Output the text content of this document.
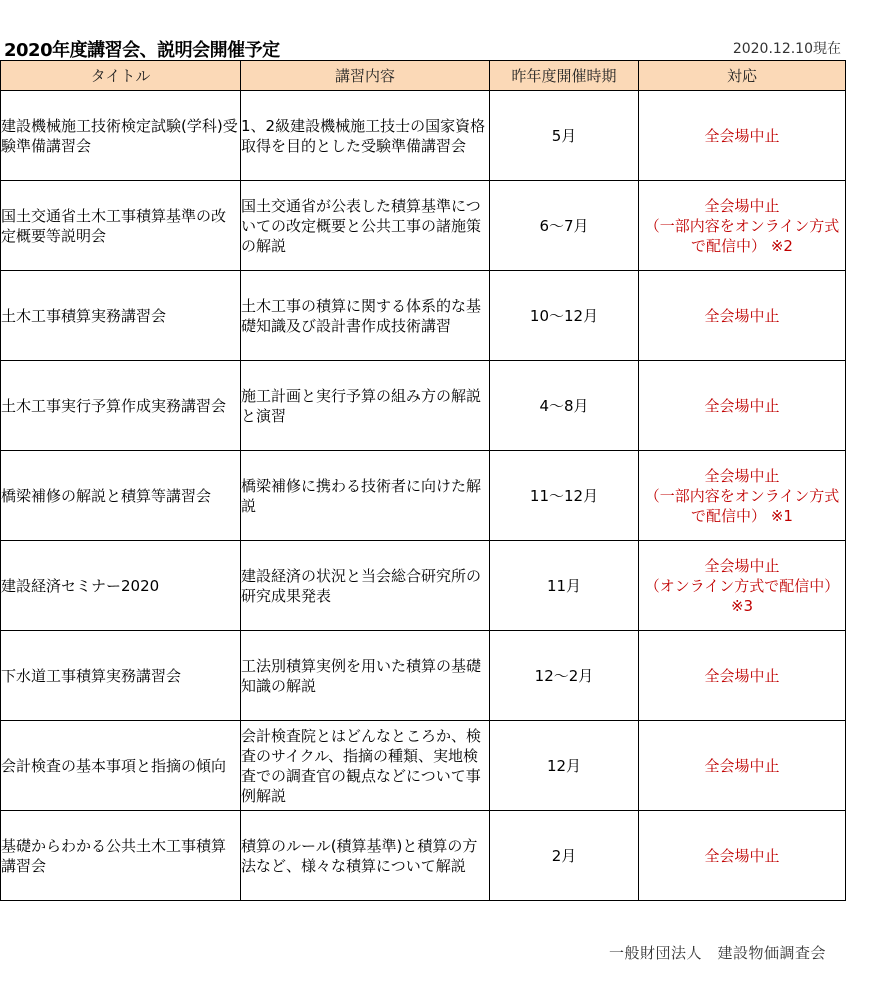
2020年度講習会、説明会開催予定	2020.12.10現在
タイトル	講習内容	昨年度開催時期	対応
建設機械施工技術検定試験(学科)受験準備講習会	1、2級建設機械施工技士の国家資格取得を目的とした受験準備講習会	5月	全会場中止
国土交通省土木工事積算基準の改定概要等説明会	国土交通省が公表した積算基準についての改定概要と公共工事の諸施策の解説	6～7月	全会場中止
（一部内容をオンライン方式で配信中） ※2
土木工事積算実務講習会	土木工事の積算に関する体系的な基礎知識及び設計書作成技術講習	10～12月	全会場中止
土木工事実行予算作成実務講習会	施工計画と実行予算の組み方の解説と演習	4～8月	全会場中止
橋梁補修の解説と積算等講習会	橋梁補修に携わる技術者に向けた解説	11～12月	全会場中止
（一部内容をオンライン方式で配信中） ※1
建設経済セミナー2020	建設経済の状況と当会総合研究所の研究成果発表	11月	全会場中止
（オンライン方式で配信中） ※3
下水道工事積算実務講習会	工法別積算実例を用いた積算の基礎知識の解説	12～2月	全会場中止
会計検査の基本事項と指摘の傾向	会計検査院とはどんなところか、検査のサイクル、指摘の種類、実地検査での調査官の観点などについて事例解説	12月	全会場中止
基礎からわかる公共土木工事積算講習会	積算のルール(積算基準)と積算の方法など、様々な積算について解説	2月	全会場中止
一般財団法人　建設物価調査会
